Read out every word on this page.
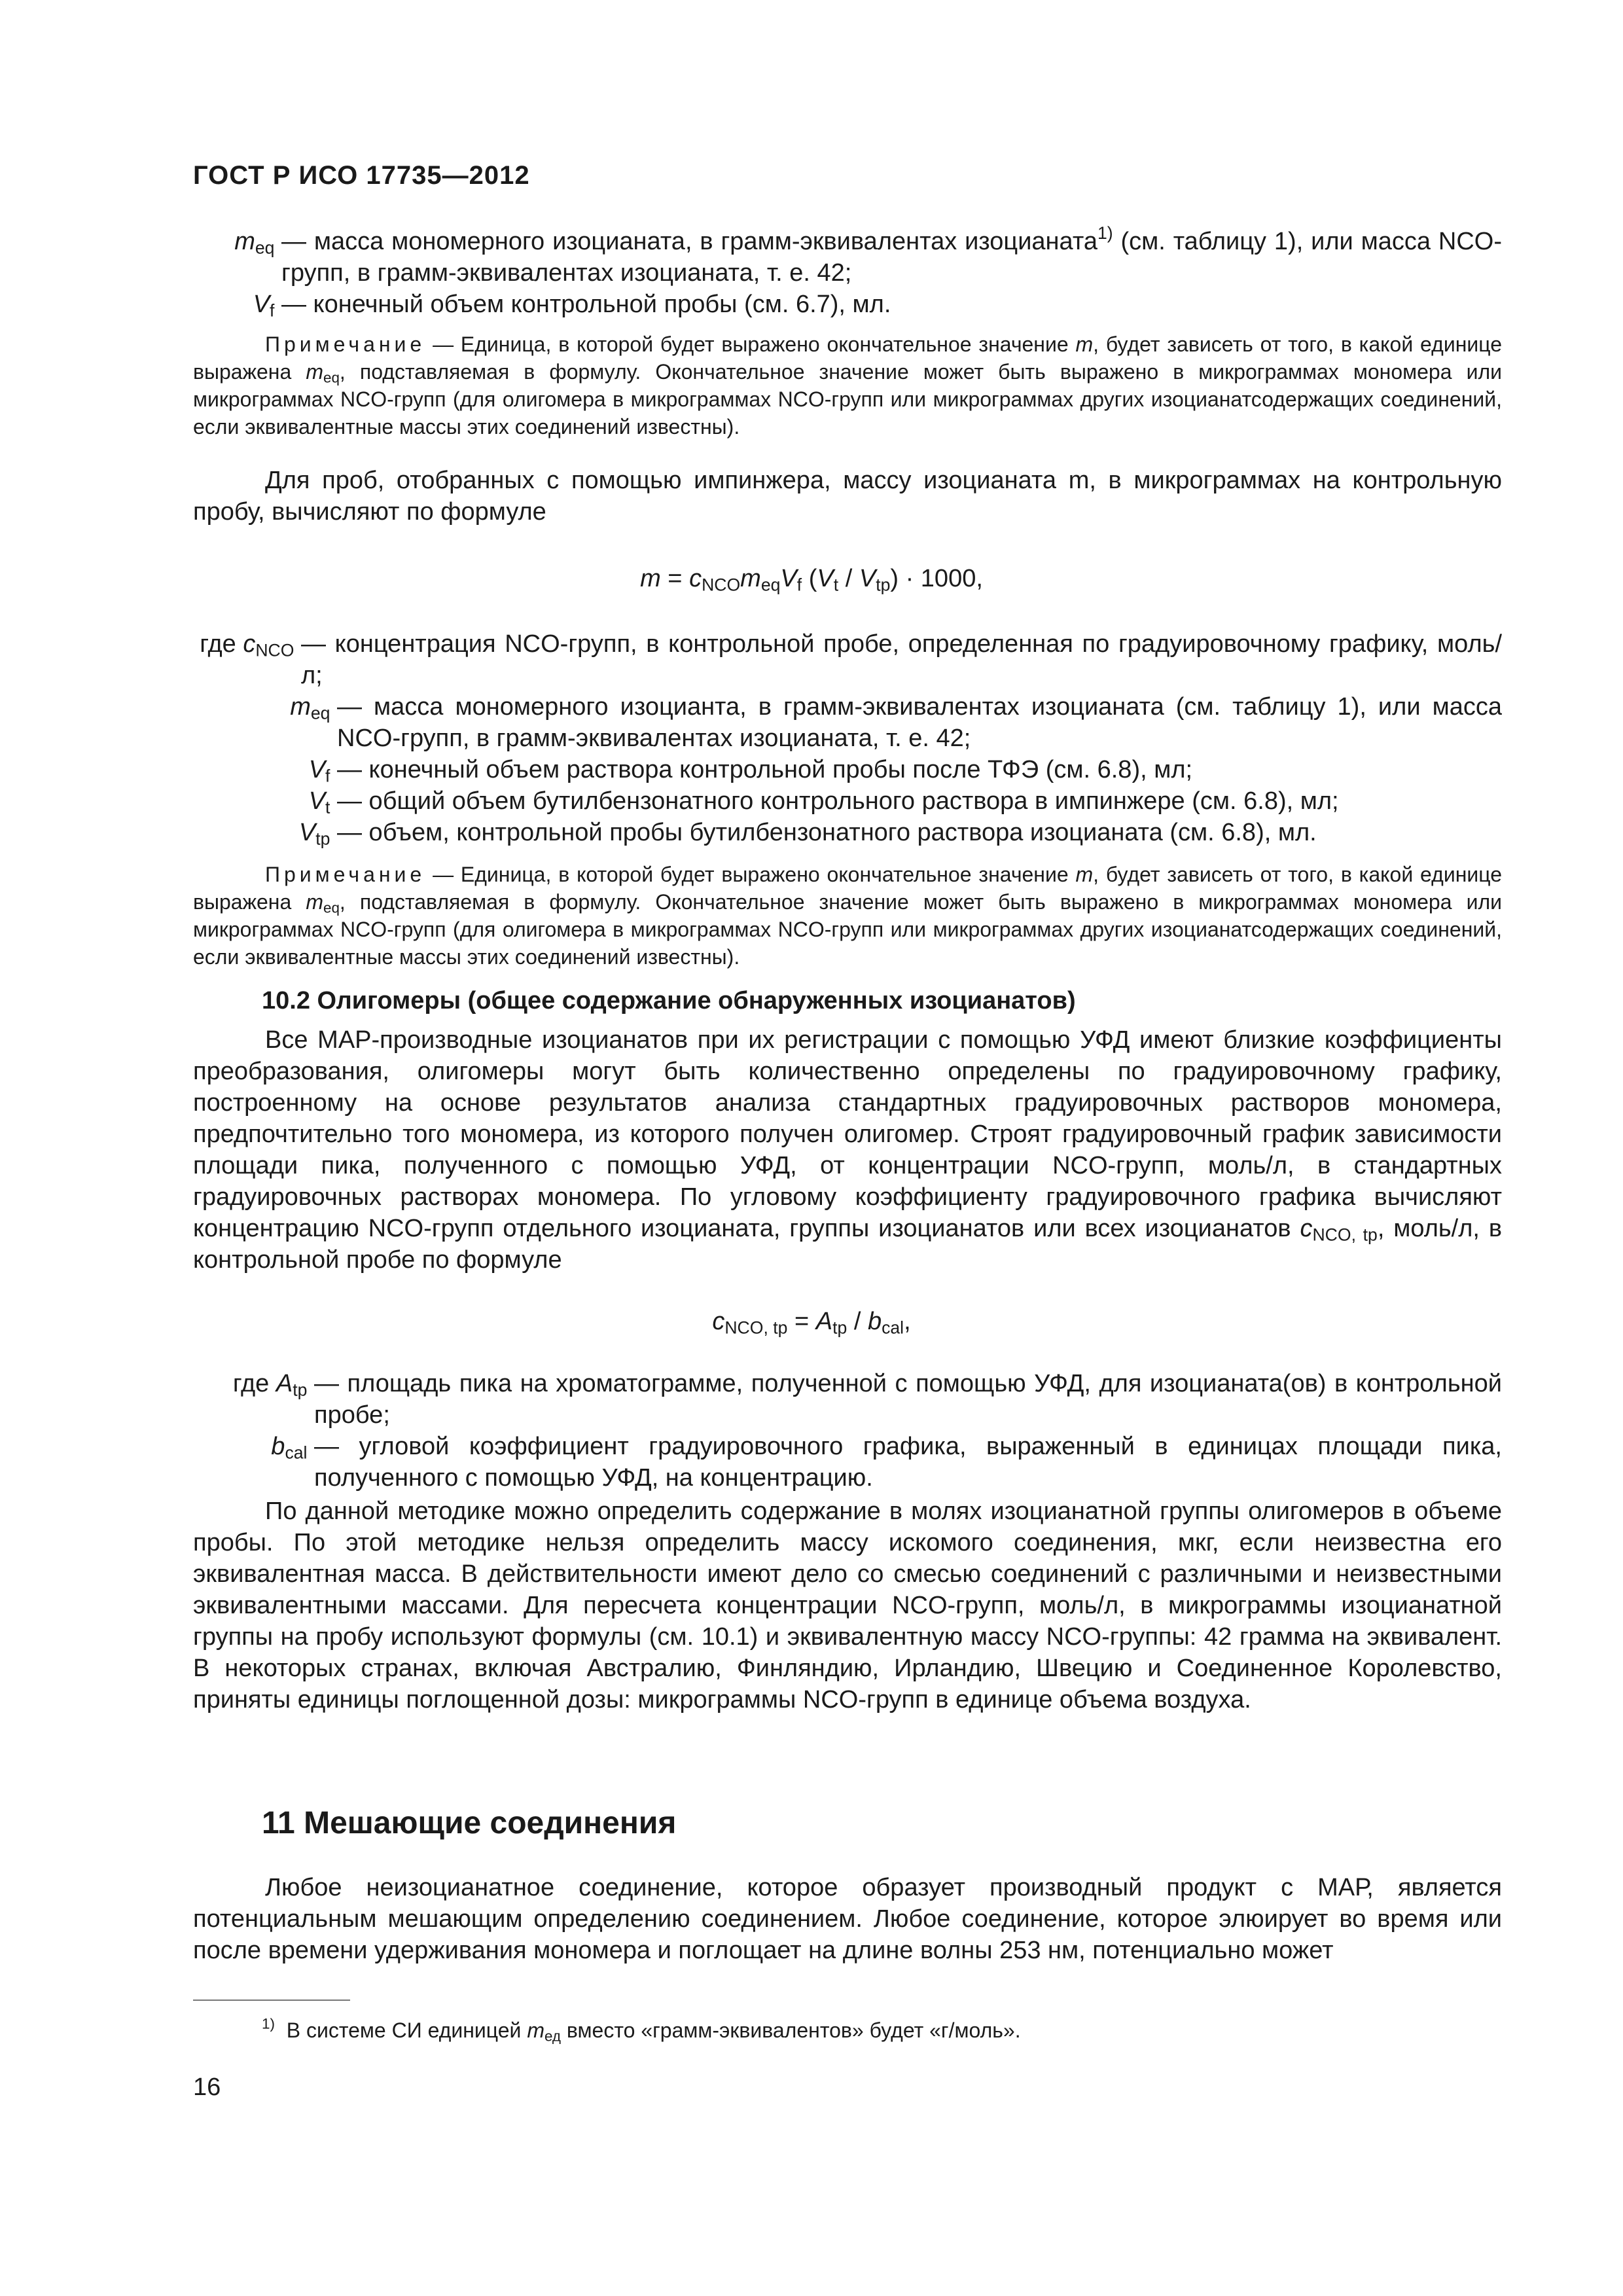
ГОСТ Р ИСО 17735—2012
$m_{eq}$ — масса мономерного изоцианата, в грамм-эквивалентах изоцианата$^{1)}$ (см. таблицу 1), или масса NCO-групп, в грамм-эквивалентах изоцианата, т. е. 42;
$V_f$ — конечный объем контрольной пробы (см. 6.7), мл.

Примечание — Единица, в которой будет выражено окончательное значение m, будет зависеть от того, в какой единице выражена $m_{eq}$, подставляемая в формулу. Окончательное значение может быть выражено в микрограммах мономера или микрограммах NCO-групп (для олигомера в микрограммах NCO-групп или микрограммах других изоцианатсодержащих соединений, если эквивалентные массы этих соединений известны).

Для проб, отобранных с помощью импинжера, массу изоцианата m, в микрограммах на контрольную пробу, вычисляют по формуле

$m = c_{NCO}m_{eq}V_f$ $(V_t / V_{tp}) \cdot 1000$,
где $c_{NCO}$ — концентрация NCO-групп, в контрольной пробе, определенная по градуировочному графику, моль/л;
$m_{eq}$ — масса мономерного изоцианта, в грамм-эквивалентах изоцианата (см. таблицу 1), или масса NCO-групп, в грамм-эквивалентах изоцианата, т. е. 42;
$V_f$ — конечный объем раствора контрольной пробы после ТФЭ (см. 6.8), мл;
$V_t$ — общий объем бутилбензонатного контрольного раствора в импинжере (см. 6.8), мл;
$V_{tp}$ — объем, контрольной пробы бутилбензонатного раствора изоцианата (см. 6.8), мл.

Примечание — Единица, в которой будет выражено окончательное значение m, будет зависеть от того, в какой единице выражена $m_{eq}$, подставляемая в формулу. Окончательное значение может быть выражено в микрограммах мономера или микрограммах NCO-групп (для олигомера в микрограммах NCO-групп или микрограммах других изоцианатсодержащих соединений, если эквивалентные массы этих соединений известны).

10.2 Олигомеры (общее содержание обнаруженных изоцианатов)

Все МАР-производные изоцианатов при их регистрации с помощью УФД имеют близкие коэффициенты преобразования, олигомеры могут быть количественно определены по градуировочному графику, построенному на основе результатов анализа стандартных градуировочных растворов мономера, предпочтительно того мономера, из которого получен олигомер. Строят градуировочный график зависимости площади пика, полученного с помощью УФД, от концентрации NCO-групп, моль/л, в стандартных градуировочных растворах мономера. По угловому коэффициенту градуировочного графика вычисляют концентрацию NCO-групп отдельного изоцианата, группы изоцианатов или всех изоцианатов $c_{NCO, tp}$, моль/л, в контрольной пробе по формуле

$c_{NCO, tp} = A_{tp} / b_{cal}$,
где $A_{tp}$ — площадь пика на хроматограмме, полученной с помощью УФД, для изоцианата(ов) в контрольной пробе;
$b_{cal}$ — угловой коэффициент градуировочного графика, выраженный в единицах площади пика, полученного с помощью УФД, на концентрацию.

По данной методике можно определить содержание в молях изоцианатной группы олигомеров в объеме пробы. По этой методике нельзя определить массу искомого соединения, мкг, если неизвестна его эквивалентная масса. В действительности имеют дело со смесью соединений с различными и неизвестными эквивалентными массами. Для пересчета концентрации NCO-групп, моль/л, в микрограммы изоцианатной группы на пробу используют формулы (см. 10.1) и эквивалентную массу NCO-группы: 42 грамма на эквивалент. В некоторых странах, включая Австралию, Финляндию, Ирландию, Швецию и Соединенное Королевство, приняты единицы поглощенной дозы: микрограммы NCO-групп в единице объема воздуха.

11 Мешающие соединения

Любое неизоцианатное соединение, которое образует производный продукт с МАР, является потенциальным мешающим определению соединением. Любое соединение, которое элюирует во время или после времени удерживания мономера и поглощает на длине волны 253 нм, потенциально может

$^{1)}$ В системе СИ единицей $m_{ед}$ вместо «грамм-эквивалентов» будет «г/моль».
16
